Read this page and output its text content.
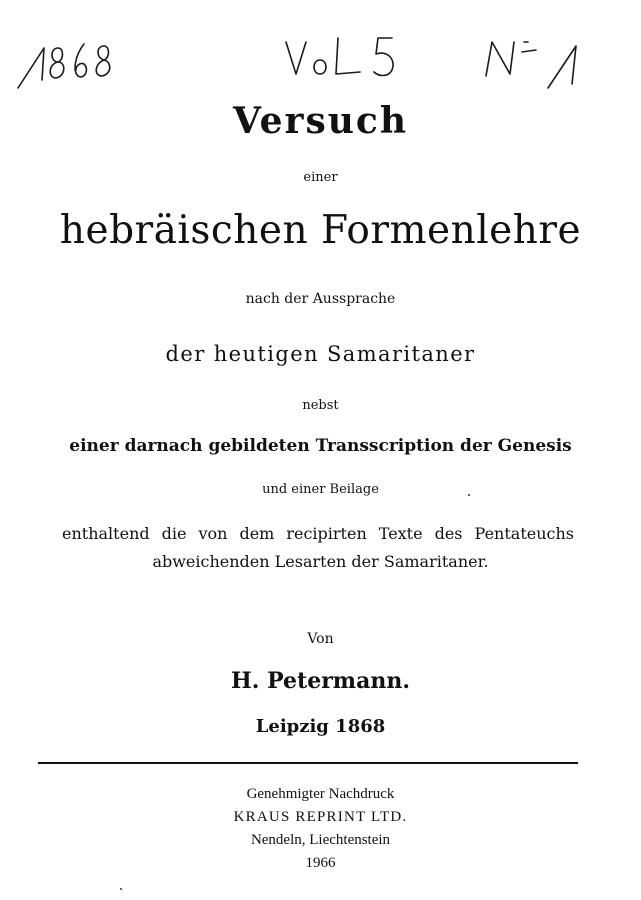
Versuch
einer
hebräischen Formenlehre
nach der Aussprache
der heutigen Samaritaner
nebst
einer darnach gebildeten Transscription der Genesis
und einer Beilage
enthaltend die von dem recipirten Texte des Pentateuchs
abweichenden Lesarten der Samaritaner.
Von
H. Petermann.
Leipzig 1868
Genehmigter Nachdruck
KRAUS REPRINT LTD.
Nendeln, Liechtenstein
1966
